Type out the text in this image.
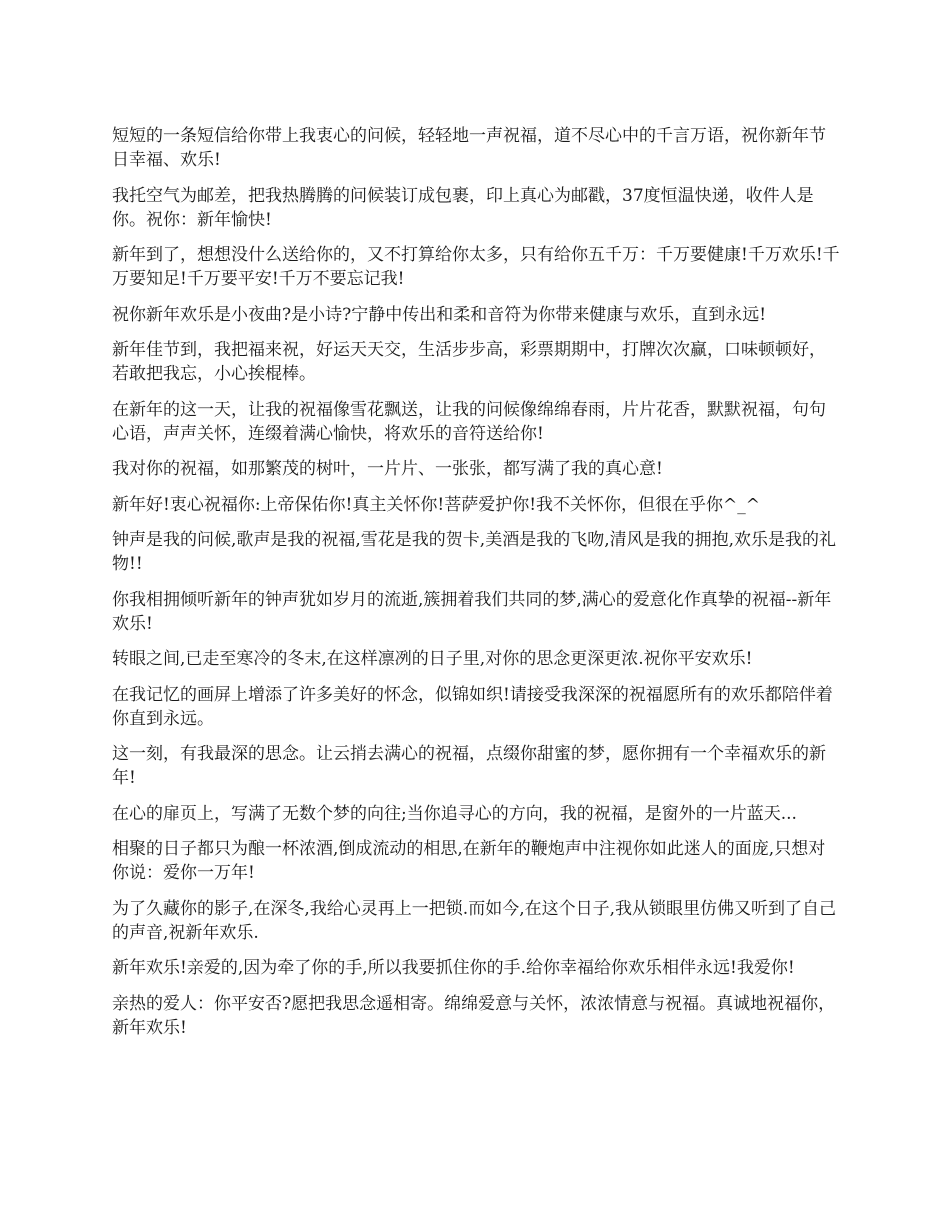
短短的一条短信给你带上我衷心的问候，轻轻地一声祝福，道不尽心中的千言万语，祝你新年节日幸福、欢乐!

我托空气为邮差，把我热腾腾的问候装订成包裹，印上真心为邮戳，37度恒温快递，收件人是你。祝你：新年愉快!

新年到了，想想没什么送给你的，又不打算给你太多，只有给你五千万：千万要健康!千万欢乐!千万要知足!千万要平安!千万不要忘记我!

祝你新年欢乐是小夜曲?是小诗?宁静中传出和柔和音符为你带来健康与欢乐，直到永远!

新年佳节到，我把福来祝，好运天天交，生活步步高，彩票期期中，打牌次次赢，口味顿顿好，若敢把我忘，小心挨棍棒。

在新年的这一天，让我的祝福像雪花飘送，让我的问候像绵绵春雨，片片花香，默默祝福，句句心语，声声关怀，连缀着满心愉快，将欢乐的音符送给你!

我对你的祝福，如那繁茂的树叶，一片片、一张张，都写满了我的真心意!

新年好!衷心祝福你:上帝保佑你!真主关怀你!菩萨爱护你!我不关怀你，但很在乎你^_^

钟声是我的问候,歌声是我的祝福,雪花是我的贺卡,美酒是我的飞吻,清风是我的拥抱,欢乐是我的礼物!!

你我相拥倾听新年的钟声犹如岁月的流逝,簇拥着我们共同的梦,满心的爱意化作真挚的祝福--新年欢乐!

转眼之间,已走至寒冷的冬末,在这样凛冽的日子里,对你的思念更深更浓.祝你平安欢乐!

在我记忆的画屏上增添了许多美好的怀念，似锦如织!请接受我深深的祝福愿所有的欢乐都陪伴着你直到永远。

这一刻，有我最深的思念。让云捎去满心的祝福，点缀你甜蜜的梦，愿你拥有一个幸福欢乐的新年!

在心的扉页上，写满了无数个梦的向往;当你追寻心的方向，我的祝福，是窗外的一片蓝天...

相聚的日子都只为酿一杯浓酒,倒成流动的相思,在新年的鞭炮声中注视你如此迷人的面庞,只想对你说：爱你一万年!

为了久藏你的影子,在深冬,我给心灵再上一把锁.而如今,在这个日子,我从锁眼里仿佛又听到了自己的声音,祝新年欢乐.

新年欢乐!亲爱的,因为牵了你的手,所以我要抓住你的手.给你幸福给你欢乐相伴永远!我爱你!

亲热的爱人：你平安否?愿把我思念遥相寄。绵绵爱意与关怀，浓浓情意与祝福。真诚地祝福你，新年欢乐!
